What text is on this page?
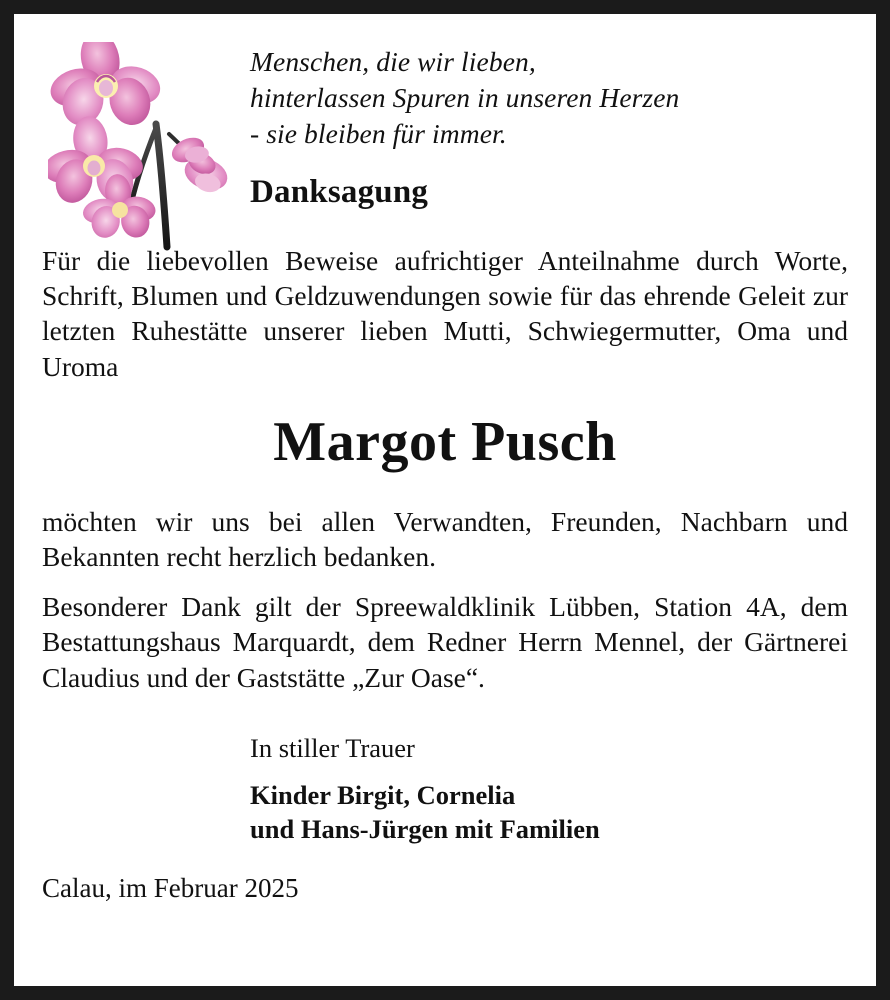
Menschen, die wir lieben,
hinterlassen Spuren in unseren Herzen
- sie bleiben für immer.
Danksagung

Für die liebevollen Beweise aufrichtiger Anteilnahme durch Worte, Schrift, Blumen und Geldzuwendungen sowie für das ehrende Geleit zur letzten Ruhestätte unserer lieben Mutti, Schwiegermutter, Oma und Uroma

Margot Pusch

möchten wir uns bei allen Verwandten, Freunden, Nachbarn und Bekannten recht herzlich bedanken.

Besonderer Dank gilt der Spreewaldklinik Lübben, Station 4A, dem Bestattungshaus Marquardt, dem Redner Herrn Mennel, der Gärtnerei Claudius und der Gaststätte „Zur Oase“.

In stiller Trauer
Kinder Birgit, Cornelia
und Hans-Jürgen mit Familien
Calau, im Februar 2025
